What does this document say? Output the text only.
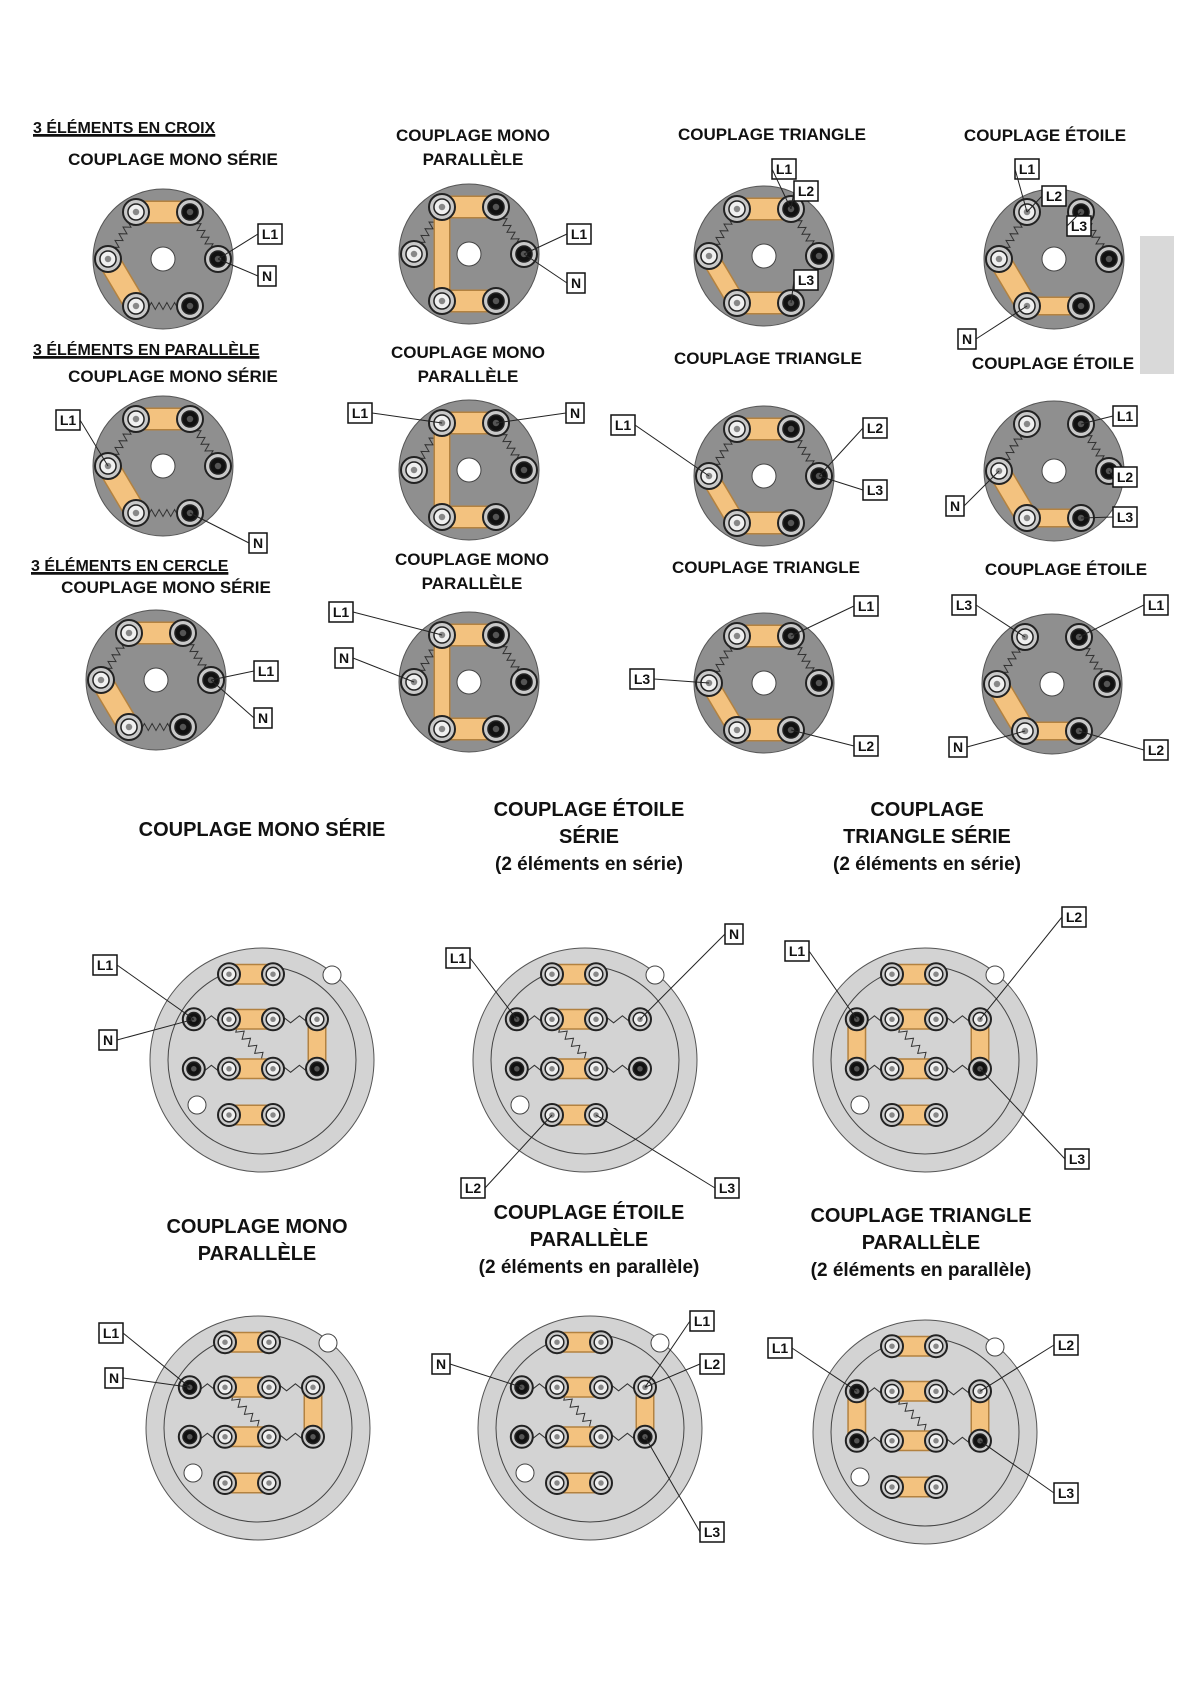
3 ÉLÉMENTS EN CROIX
3 ÉLÉMENTS EN PARALLÈLE
3 ÉLÉMENTS EN CERCLE
COUPLAGE MONO SÉRIE
L1
N
COUPLAGE MONO
PARALLÈLE
L1
N
COUPLAGE TRIANGLE
L1
L2
L3
COUPLAGE ÉTOILE
L1
L2
L3
N
COUPLAGE MONO SÉRIE
L1
N
COUPLAGE MONO
PARALLÈLE
L1	N
COUPLAGE TRIANGLE
L1	L2
L3
COUPLAGE ÉTOILE
L1
L2
L3
N
COUPLAGE MONO SÉRIE
L1
N
COUPLAGE MONO
PARALLÈLE
L1
N
COUPLAGE TRIANGLE
L1
L3
L2
COUPLAGE ÉTOILE
L3	L1
N	L2
COUPLAGE MONO SÉRIE
L1
N
COUPLAGE ÉTOILE
SÉRIE
(2 éléments en série)
L1
N
L2	L3
COUPLAGE
TRIANGLE SÉRIE
(2 éléments en série)
L1
L2
L3
COUPLAGE MONO
PARALLÈLE
L1
N
COUPLAGE ÉTOILE
PARALLÈLE
(2 éléments en parallèle)
L1
N	L2
L3
COUPLAGE TRIANGLE
PARALLÈLE
(2 éléments en parallèle)
L1	L2
L3
